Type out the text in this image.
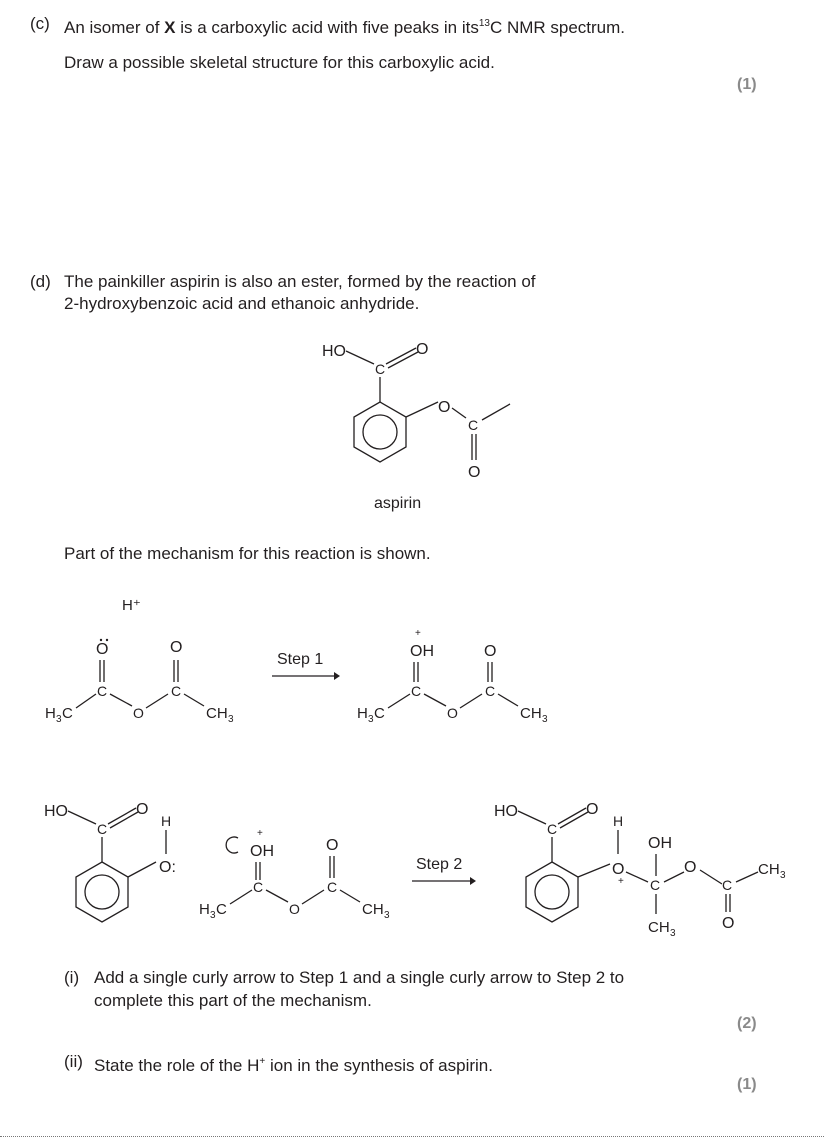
(c) An isomer of X is a carboxylic acid with five peaks in its$^{13}$C NMR spectrum.
Draw a possible skeletal structure for this carboxylic acid.
(1)
(d) The painkiller aspirin is also an ester, formed by the reaction of
2-hydroxybenzoic acid and ethanoic anhydride.
HO
C
O
O
C
O
aspirin
Part of the mechanism for this reaction is shown.
H⁺
O
C
H 3 C	O
O
C
CH 3
Step 1
+
OH
C
H 3 C	O
O
C
CH 3
HO
C
O
H
O:
+
OH
C
H 3 C	O
O
C
CH 3
Step 2
HO
C
O
H
O
+
OH
C
CH 3
O
C
O
CH 3
(i) Add a single curly arrow to Step 1 and a single curly arrow to Step 2 to
complete this part of the mechanism.
(2)
(ii) State the role of the H+ ion in the synthesis of aspirin.
(1)
